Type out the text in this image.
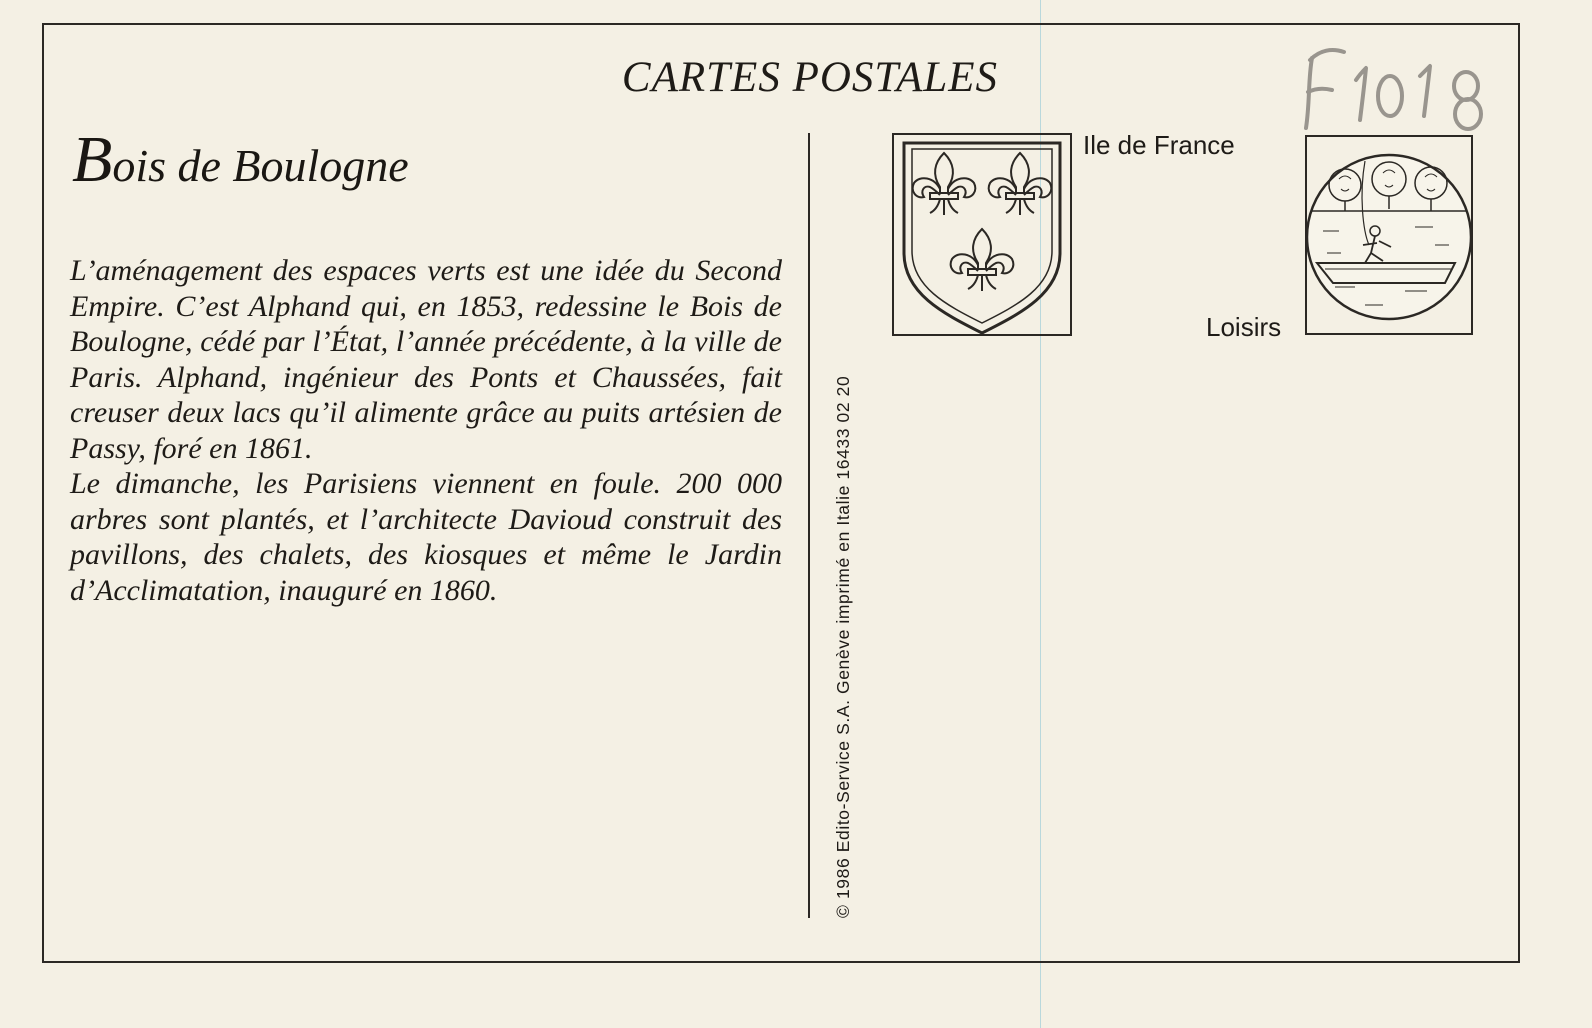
CARTES POSTALES
Bois de Boulogne

L’aménagement des espaces verts est une idée du Second Empire. C’est Alphand qui, en 1853, redessine le Bois de Boulogne, cédé par l’État, l’année précédente, à la ville de Paris. Alphand, ingénieur des Ponts et Chaussées, fait creuser deux lacs qu’il alimente grâce au puits artésien de Passy, foré en 1861.

Le dimanche, les Parisiens viennent en foule. 200 000 arbres sont plantés, et l’architecte Davioud construit des pavillons, des chalets, des kiosques et même le Jardin d’Acclimatation, inauguré en 1860.	© 1986 Edito-Service S.A. Genève imprimé en Italie 16433 02 20
Ile de France
Loisirs
